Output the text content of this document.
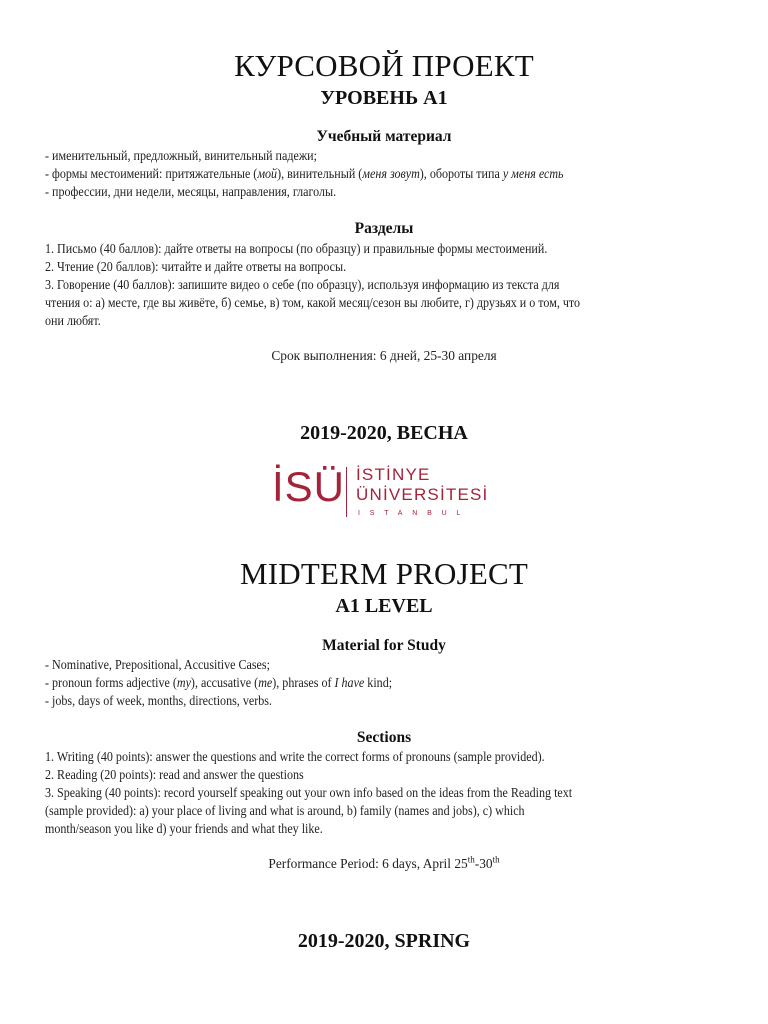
КУРСОВОЙ ПРОЕКТ
УРОВЕНЬ А1
Учебный материал
- именительный, предложный, винительный падежи;
- формы местоимений: притяжательные (мой), винительный (меня зовут), обороты типа у меня есть
- профессии, дни недели, месяцы, направления, глаголы.
Разделы
1. Письмо (40 баллов): дайте ответы на вопросы (по образцу) и правильные формы местоимений.
2. Чтение (20 баллов): читайте и дайте ответы на вопросы.
3. Говорение (40 баллов): запишите видео о себе (по образцу), используя информацию из текста для
чтения о: а) месте, где вы живёте, б) семье, в) том, какой месяц/сезон вы любите, г) друзьях и о том, что
они любят.
Срок выполнения: 6 дней, 25-30 апреля
2019-2020, ВЕСНА
İSÜ İSTİNYE
ÜNİVERSİTESİ
ISTANBUL
MIDTERM PROJECT
A1 LEVEL
Material for Study
- Nominative, Prepositional, Accusitive Cases;
- pronoun forms adjective (my), accusative (me), phrases of I have kind;
- jobs, days of week, months, directions, verbs.
Sections
1. Writing (40 points): answer the questions and write the correct forms of pronouns (sample provided).
2. Reading (20 points): read and answer the questions
3. Speaking (40 points): record yourself speaking out your own info based on the ideas from the Reading text
(sample provided): a) your place of living and what is around, b) family (names and jobs), c) which
month/season you like d) your friends and what they like.
Performance Period: 6 days, April 25th-30th
2019-2020, SPRING
